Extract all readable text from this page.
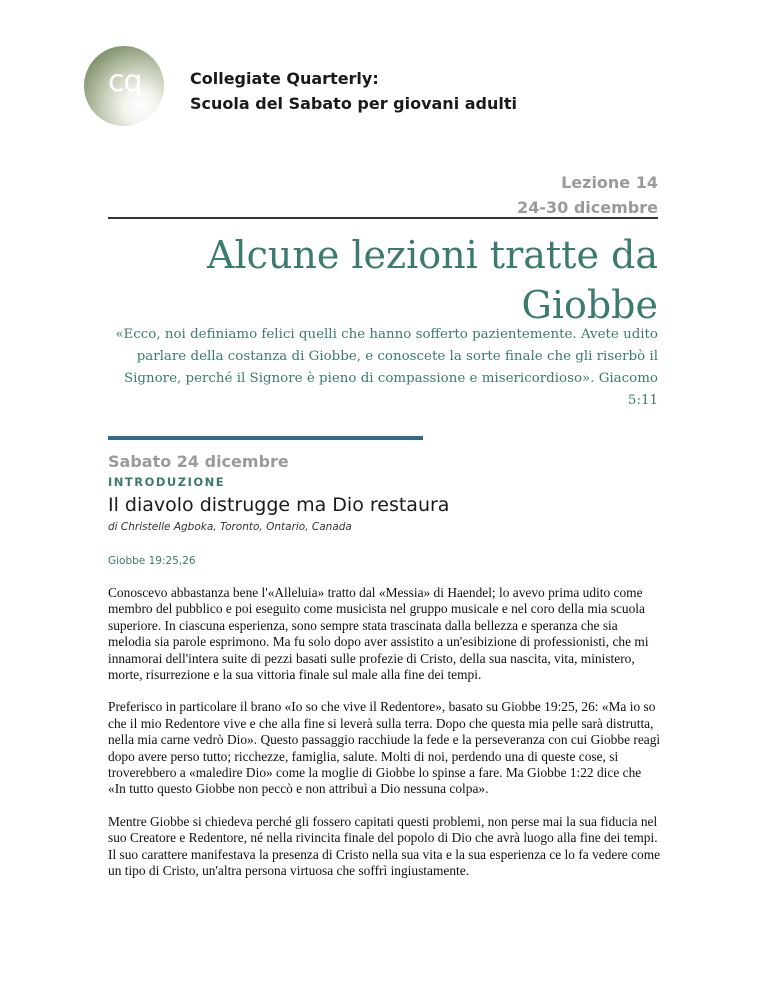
cq	Collegiate Quarterly:
Scuola del Sabato per giovani adulti
Lezione 14
24-30 dicembre
Alcune lezioni tratte da
Giobbe
«Ecco, noi definiamo felici quelli che hanno sofferto pazientemente. Avete udito parlare della costanza di Giobbe, e conoscete la sorte finale che gli riserbò il Signore, perché il Signore è pieno di compassione e misericordioso». Giacomo 5:11
Sabato 24 dicembre
INTRODUZIONE
Il diavolo distrugge ma Dio restaura
di Christelle Agboka, Toronto, Ontario, Canada
Giobbe 19:25,26

Conoscevo abbastanza bene l'«Alleluia» tratto dal «Messia» di Haendel; lo avevo prima udito come membro del pubblico e poi eseguito come musicista nel gruppo musicale e nel coro della mia scuola superiore. In ciascuna esperienza, sono sempre stata trascinata dalla bellezza e speranza che sia melodia sia parole esprimono. Ma fu solo dopo aver assistito a un'esibizione di professionisti, che mi innamorai dell'intera suite di pezzi basati sulle profezie di Cristo, della sua nascita, vita, ministero, morte, risurrezione e la sua vittoria finale sul male alla fine dei tempi.

Preferisco in particolare il brano «Io so che vive il Redentore», basato su Giobbe 19:25, 26: «Ma io so che il mio Redentore vive e che alla fine si leverà sulla terra. Dopo che questa mia pelle sarà distrutta, nella mia carne vedrò Dio». Questo passaggio racchiude la fede e la perseveranza con cui Giobbe reagì dopo avere perso tutto; ricchezze, famiglia, salute. Molti di noi, perdendo una di queste cose, si troverebbero a «maledire Dio» come la moglie di Giobbe lo spinse a fare. Ma Giobbe 1:22 dice che «In tutto questo Giobbe non peccò e non attribuì a Dio nessuna colpa».

Mentre Giobbe si chiedeva perché gli fossero capitati questi problemi, non perse mai la sua fiducia nel suo Creatore e Redentore, né nella rivincita finale del popolo di Dio che avrà luogo alla fine dei tempi. Il suo carattere manifestava la presenza di Cristo nella sua vita e la sua esperienza ce lo fa vedere come un tipo di Cristo, un'altra persona virtuosa che soffrì ingiustamente.
